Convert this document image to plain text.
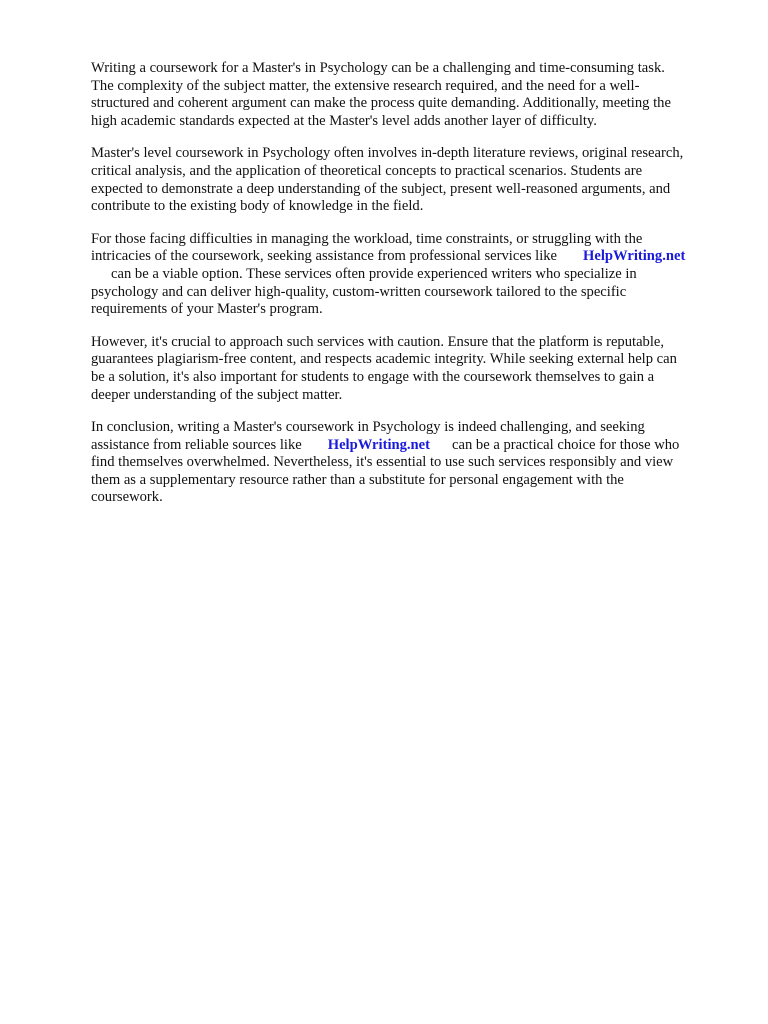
Writing a coursework for a Master's in Psychology can be a challenging and time-consuming task.
The complexity of the subject matter, the extensive research required, and the need for a well-
structured and coherent argument can make the process quite demanding. Additionally, meeting the
high academic standards expected at the Master's level adds another layer of difficulty.

Master's level coursework in Psychology often involves in-depth literature reviews, original research,
critical analysis, and the application of theoretical concepts to practical scenarios. Students are
expected to demonstrate a deep understanding of the subject, present well-reasoned arguments, and
contribute to the existing body of knowledge in the field.

For those facing difficulties in managing the workload, time constraints, or struggling with the
intricacies of the coursework, seeking assistance from professional services like HelpWriting.net
can be a viable option. These services often provide experienced writers who specialize in
psychology and can deliver high-quality, custom-written coursework tailored to the specific
requirements of your Master's program.

However, it's crucial to approach such services with caution. Ensure that the platform is reputable,
guarantees plagiarism-free content, and respects academic integrity. While seeking external help can
be a solution, it's also important for students to engage with the coursework themselves to gain a
deeper understanding of the subject matter.

In conclusion, writing a Master's coursework in Psychology is indeed challenging, and seeking
assistance from reliable sources like HelpWriting.net can be a practical choice for those who
find themselves overwhelmed. Nevertheless, it's essential to use such services responsibly and view
them as a supplementary resource rather than a substitute for personal engagement with the
coursework.
